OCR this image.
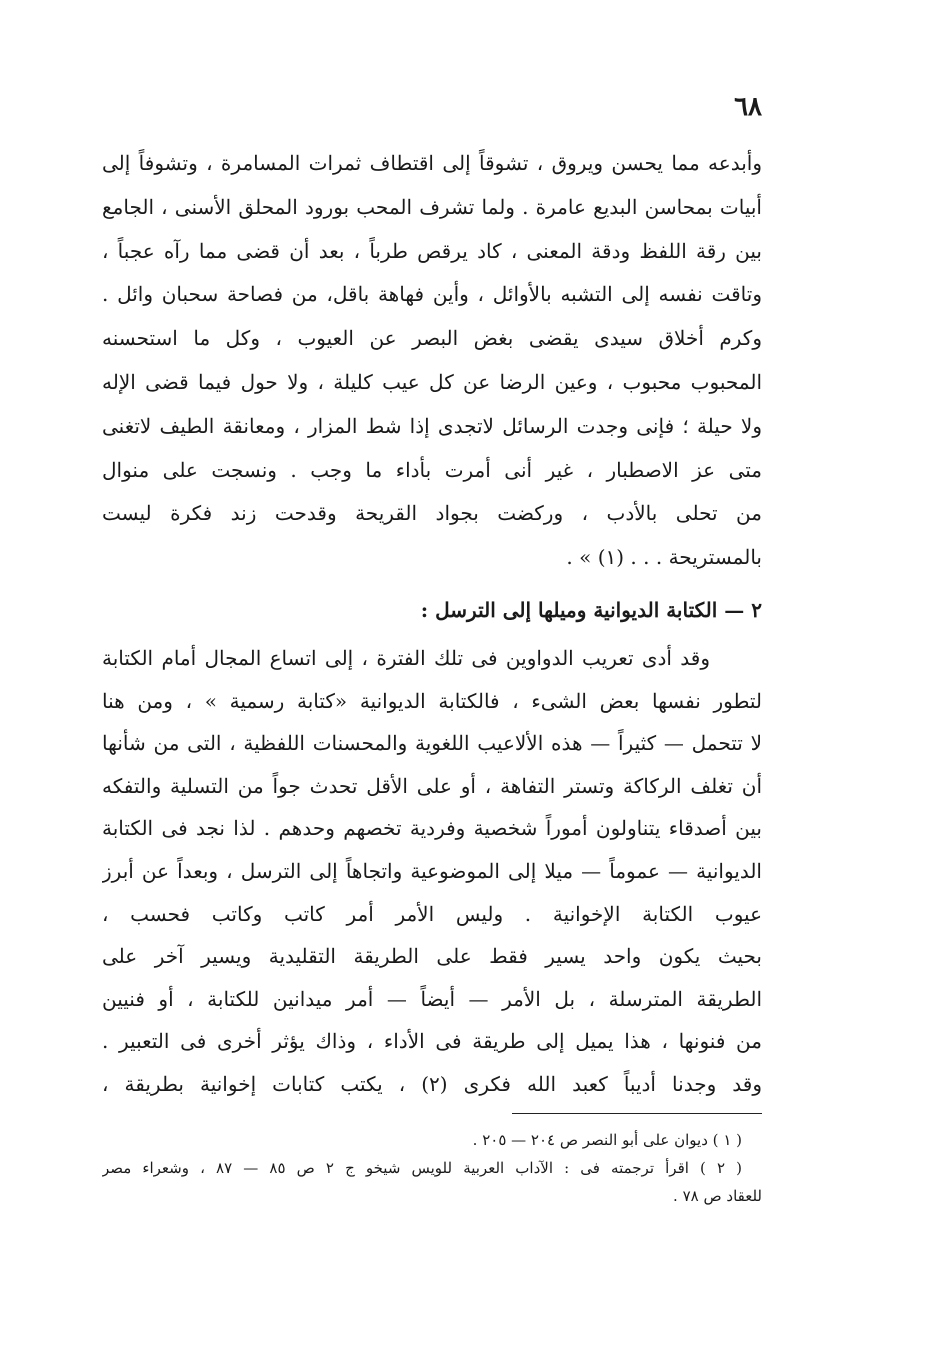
٦٨
وأبدعه مما يحسن ويروق ، تشوقاً إلى اقتطاف ثمرات المسامرة ، وتشوفاً إلى
أبيات بمحاسن البديع عامرة . ولما تشرف المحب بورود المحلق الأسنى ، الجامع
بين رقة اللفظ ودقة المعنى ، كاد يرقص طرباً ، بعد أن قضى مما رآه عجباً ،
وتاقت نفسه إلى التشبه بالأوائل ، وأين فهاهة باقل، من فصاحة سحبان وائل .
وكرم أخلاق سيدى يقضى بغض البصر عن العيوب ، وكل ما استحسنه
المحبوب محبوب ، وعين الرضا عن كل عيب كليلة ، ولا حول فيما قضى الإله
ولا حيلة ؛ فإنى وجدت الرسائل لاتجدى إذا شط المزار ، ومعانقة الطيف لاتغنى
متى عز الاصطبار ، غير أنى أمرت بأداء ما وجب . ونسجت على منوال
من تحلى بالأدب ، وركضت بجواد القريحة وقدحت زند فكرة ليست
بالمستريحة . . . (١) » .
٢ — الكتابة الديوانية وميلها إلى الترسل :
وقد أدى تعريب الدواوين فى تلك الفترة ، إلى اتساع المجال أمام الكتابة
لتطور نفسها بعض الشىء ، فالكتابة الديوانية «كتابة رسمية » ، ومن هنا
لا تتحمل — كثيراً — هذه الألاعيب اللغوية والمحسنات اللفظية ، التى من شأنها
أن تغلف الركاكة وتستر التفاهة ، أو على الأقل تحدث جواً من التسلية والتفكه
بين أصدقاء يتناولون أموراً شخصية وفردية تخصهم وحدهم . لذا نجد فى الكتابة
الديوانية — عموماً — ميلا إلى الموضوعية واتجاهاً إلى الترسل ، وبعداً عن أبرز
عيوب الكتابة الإخوانية . وليس الأمر أمر كاتب وكاتب فحسب ،
بحيث يكون واحد يسير فقط على الطريقة التقليدية ويسير آخر على
الطريقة المترسلة ، بل الأمر — أيضاً — أمر ميدانين للكتابة ، أو فنيين
من فنونها ، هذا يميل إلى طريقة فى الأداء ، وذاك يؤثر أخرى فى التعبير .
وقد وجدنا أديباً كعبد الله فكرى (٢) ، يكتب كتابات إخوانية بطريقة ،
( ١ ) ديوان على أبو النصر ص ٢٠٤ — ٢٠٥ .
( ٢ ) اقرأ ترجمته فى : الآداب العربية للويس شيخو ج ٢ ص ٨٥ — ٨٧ ، وشعراء مصر
للعقاد ص ٧٨ .
